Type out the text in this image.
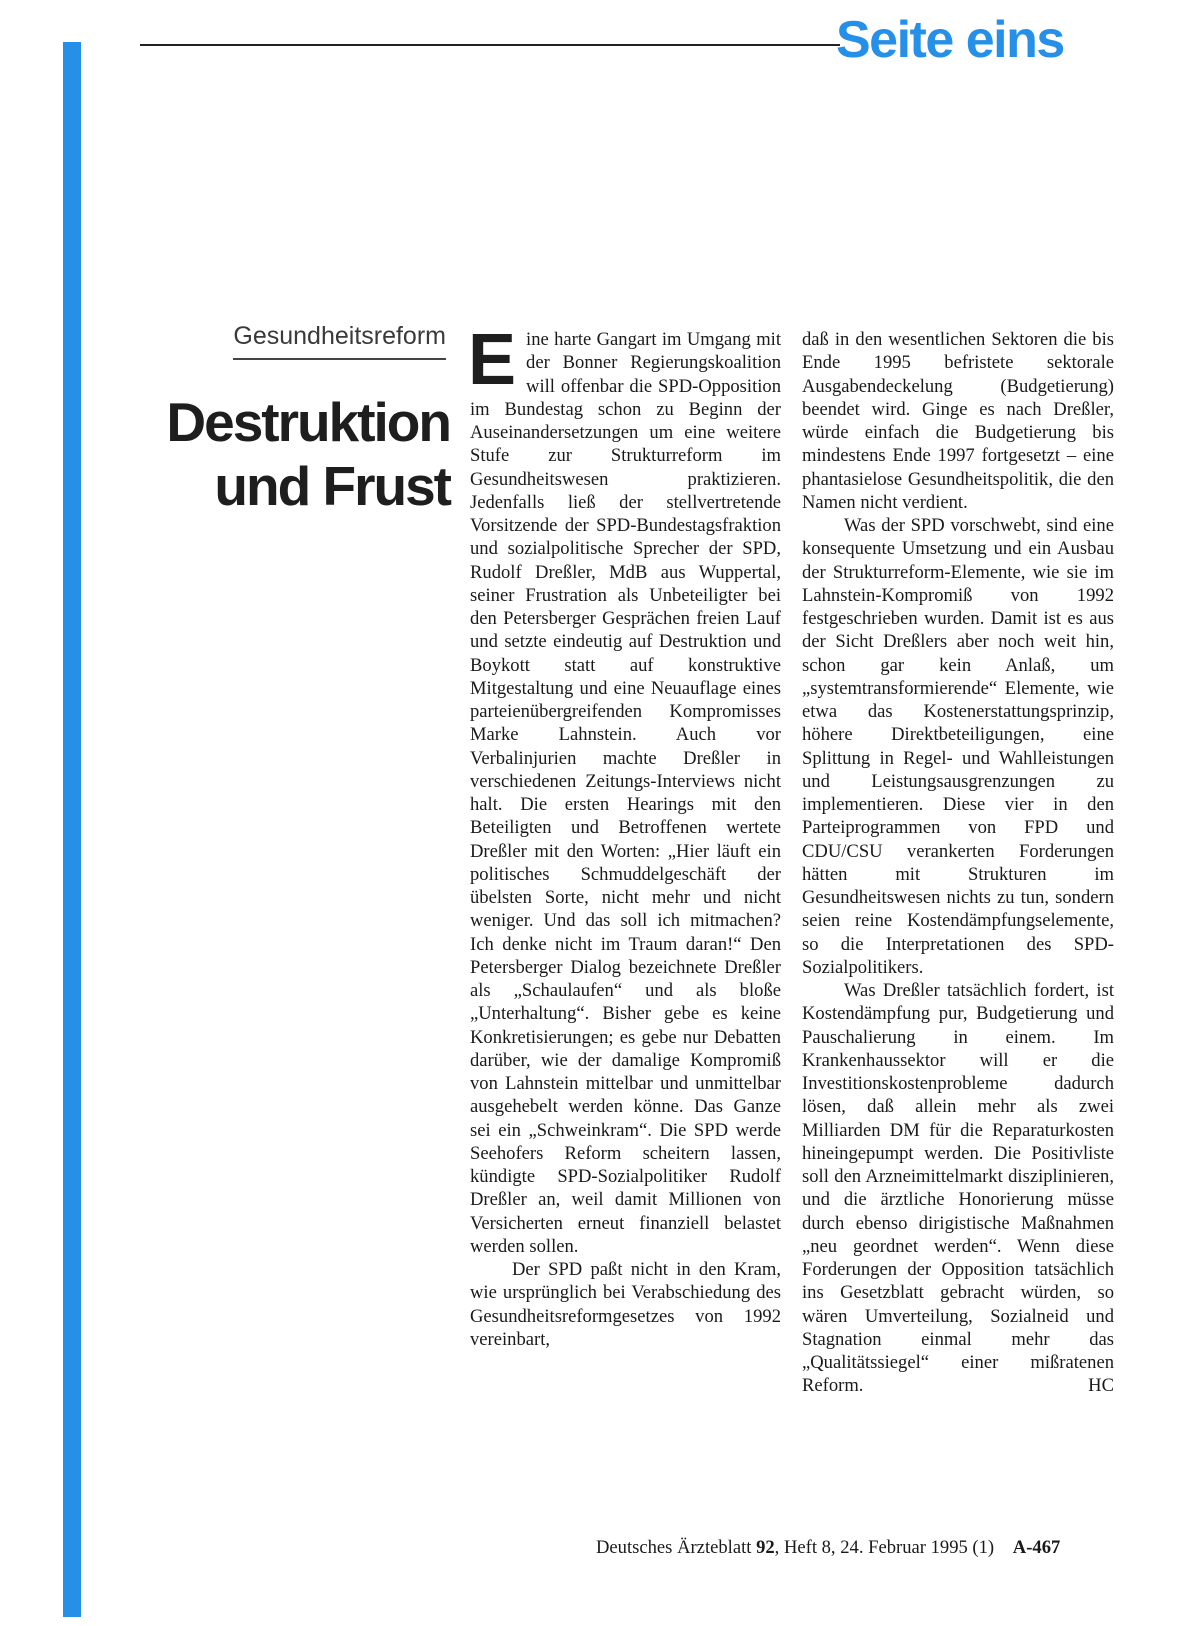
Seite eins
Gesundheitsreform
Destruktion
und Frust

Eine harte Gangart im Umgang mit der Bonner Regierungskoalition will offenbar die SPD-Opposition im Bundestag schon zu Beginn der Auseinandersetzungen um eine weitere Stufe zur Strukturreform im Gesundheitswesen praktizieren. Jedenfalls ließ der stellvertretende Vorsitzende der SPD-Bundestagsfraktion und sozialpolitische Sprecher der SPD, Rudolf Dreßler, MdB aus Wuppertal, seiner Frustration als Unbeteiligter bei den Petersberger Gesprächen freien Lauf und setzte eindeutig auf Destruktion und Boykott statt auf konstruktive Mitgestaltung und eine Neuauflage eines parteienübergreifenden Kompromisses Marke Lahnstein. Auch vor Verbalinjurien machte Dreßler in verschiedenen Zeitungs-Interviews nicht halt. Die ersten Hearings mit den Beteiligten und Betroffenen wertete Dreßler mit den Worten: „Hier läuft ein politisches Schmuddelgeschäft der übelsten Sorte, nicht mehr und nicht weniger. Und das soll ich mitmachen? Ich denke nicht im Traum daran!“ Den Petersberger Dialog bezeichnete Dreßler als „Schaulaufen“ und als bloße „Unterhaltung“. Bisher gebe es keine Konkretisierungen; es gebe nur Debatten darüber, wie der damalige Kompromiß von Lahnstein mittelbar und unmittelbar ausgehebelt werden könne. Das Ganze sei ein „Schweinkram“. Die SPD werde Seehofers Reform scheitern lassen, kündigte SPD-Sozialpolitiker Rudolf Dreßler an, weil damit Millionen von Versicherten erneut finanziell belastet werden sollen.

Der SPD paßt nicht in den Kram, wie ursprünglich bei Verabschiedung des Gesundheitsreformgesetzes von 1992 vereinbart,

daß in den wesentlichen Sektoren die bis Ende 1995 befristete sektorale Ausgabendeckelung (Budgetierung) beendet wird. Ginge es nach Dreßler, würde einfach die Budgetierung bis mindestens Ende 1997 fortgesetzt – eine phantasielose Gesundheitspolitik, die den Namen nicht verdient.

Was der SPD vorschwebt, sind eine konsequente Umsetzung und ein Ausbau der Strukturreform-Elemente, wie sie im Lahnstein-Kompromiß von 1992 festgeschrieben wurden. Damit ist es aus der Sicht Dreßlers aber noch weit hin, schon gar kein Anlaß, um „systemtransformierende“ Elemente, wie etwa das Kostenerstattungsprinzip, höhere Direktbeteiligungen, eine Splittung in Regel- und Wahlleistungen und Leistungsausgrenzungen zu implementieren. Diese vier in den Parteiprogrammen von FPD und CDU/CSU verankerten Forderungen hätten mit Strukturen im Gesundheitswesen nichts zu tun, sondern seien reine Kostendämpfungselemente, so die Interpretationen des SPD-Sozialpolitikers.

Was Dreßler tatsächlich fordert, ist Kostendämpfung pur, Budgetierung und Pauschalierung in einem. Im Krankenhaussektor will er die Investitionskostenprobleme dadurch lösen, daß allein mehr als zwei Milliarden DM für die Reparaturkosten hineingepumpt werden. Die Positivliste soll den Arzneimittelmarkt disziplinieren, und die ärztliche Honorierung müsse durch ebenso dirigistische Maßnahmen „neu geordnet werden“. Wenn diese Forderungen der Opposition tatsächlich ins Gesetzblatt gebracht würden, so wären Umverteilung, Sozialneid und Stagnation einmal mehr das „Qualitätssiegel“ einer mißratenen Reform.	HC
Deutsches Ärzteblatt 92, Heft 8, 24. Februar 1995 (1) A-467
